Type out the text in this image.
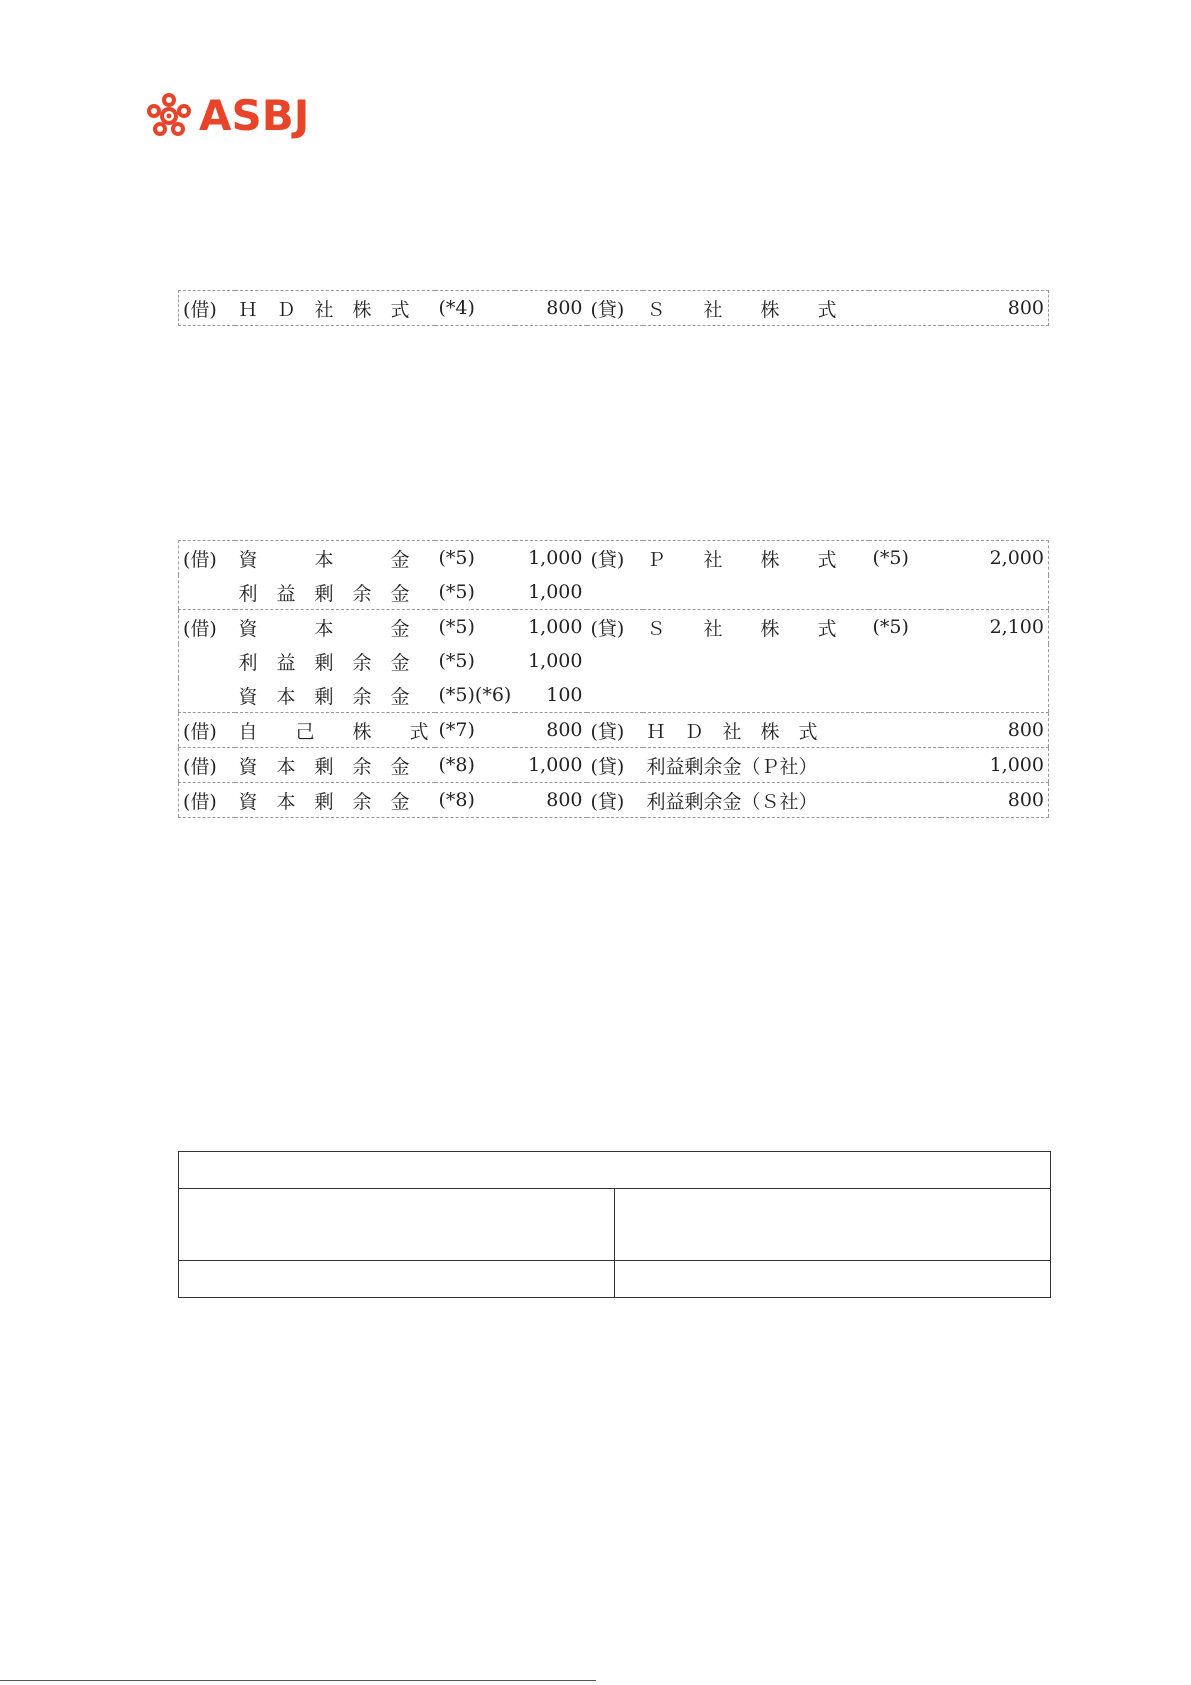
ASBJ
(借)	Ｈ　Ｄ　社　株　式	(*4)	800	(貸)	Ｓ　　社　　株　　式		800
(借)	資　　　本　　　金	(*5)	1,000	(貸)	Ｐ　　社　　株　　式	(*5)	2,000
	利　益　剰　余　金	(*5)	1,000				
(借)	資　　　本　　　金	(*5)	1,000	(貸)	Ｓ　　社　　株　　式	(*5)	2,100
	利　益　剰　余　金	(*5)	1,000				
	資　本　剰　余　金	(*5)(*6)	100				
(借)	自　　己　　株　　式	(*7)	800	(貸)	Ｈ　Ｄ　社　株　式		800
(借)	資　本　剰　余　金	(*8)	1,000	(貸)	利益剰余金（Ｐ社）		1,000
(借)	資　本　剰　余　金	(*8)	800	(貸)	利益剰余金（Ｓ社）		800
